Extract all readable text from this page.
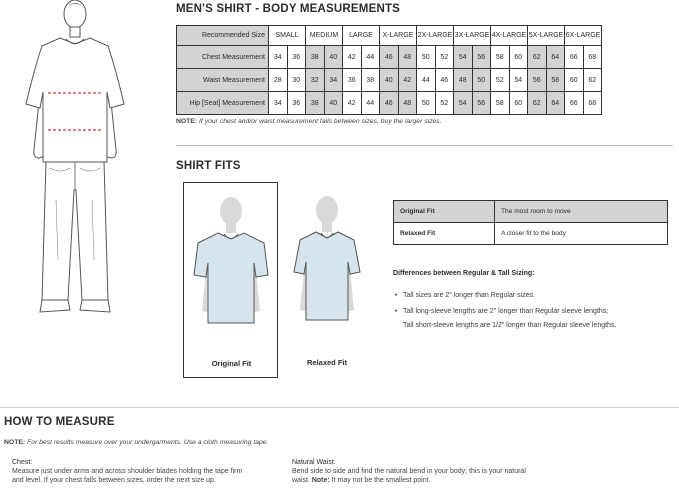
MEN'S SHIRT - BODY MEASUREMENTS
Recommended Size	SMALL		MEDIUM		LARGE		X-LARGE		2X-LARGE		3X-LARGE		4X-LARGE		5X-LARGE		6X-LARGE	
Chest Measurement	34	36	38	40	42	44	46	48	50	52	54	56	58	60	62	64	66	68
Waist Measurement	28	30	32	34	36	38	40	42	44	46	48	50	52	54	56	58	60	62
Hip [Seat] Measurement	34	36	38	40	42	44	46	48	50	52	54	56	58	60	62	64	66	68
NOTE: If your chest and/or waist measurement falls between sizes, buy the larger sizes.
SHIRT FITS
Original Fit	Relaxed Fit
Original Fit	The most room to move
Relaxed Fit	A closer fit to the body
Differences between Regular & Tall Sizing:
• Tall sizes are 2" longer than Regular sizes.
• Tall long-sleeve lengths are 2" longer than Regular sleeve lengths;
Tall short-sleeve lengths are 1/2" longer than Regular sleeve lengths.
HOW TO MEASURE
NOTE: For best results measure over your undergarments. Use a cloth measuring tape.
Chest:
Measure just under arms and across shoulder blades holding the tape firm
and level. If your chest falls between sizes, order the next size up.
Natural Waist:
Bend side to side and find the natural bend in your body; this is your natural
waist. Note: It may not be the smallest point.
